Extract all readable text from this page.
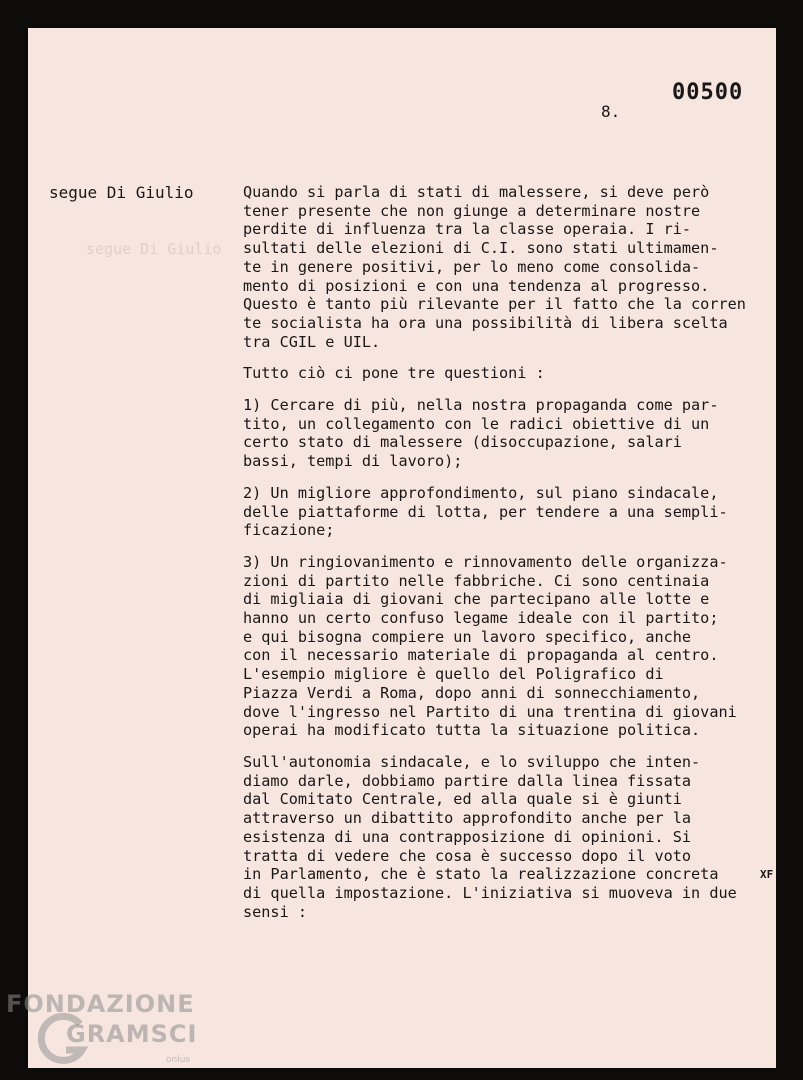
segue Di Giulio
00500
8.
segue Di Giulio	Quando si parla di stati di malessere, si deve però
tener presente che non giunge a determinare nostre
perdite di influenza tra la classe operaia. I ri-
sultati delle elezioni di C.I. sono stati ultimamen-
te in genere positivi, per lo meno come consolida-
mento di posizioni e con una tendenza al progresso.
Questo è tanto più rilevante per il fatto che la corren
te socialista ha ora una possibilità di libera scelta
tra CGIL e UIL.
Tutto ciò ci pone tre questioni :
1) Cercare di più, nella nostra propaganda come par-
tito, un collegamento con le radici obiettive di un
certo stato di malessere (disoccupazione, salari
bassi, tempi di lavoro);
2) Un migliore approfondimento, sul piano sindacale,
delle piattaforme di lotta, per tendere a una sempli-
ficazione;
3) Un ringiovanimento e rinnovamento delle organizza-
zioni di partito nelle fabbriche. Ci sono centinaia
di migliaia di giovani che partecipano alle lotte e
hanno un certo confuso legame ideale con il partito;
e qui bisogna compiere un lavoro specifico, anche
con il necessario materiale di propaganda al centro.
L'esempio migliore è quello del Poligrafico di
Piazza Verdi a Roma, dopo anni di sonnecchiamento,
dove l'ingresso nel Partito di una trentina di giovani
operai ha modificato tutta la situazione politica.
Sull'autonomia sindacale, e lo sviluppo che inten-
diamo darle, dobbiamo partire dalla linea fissata
dal Comitato Centrale, ed alla quale si è giunti
attraverso un dibattito approfondito anche per la
esistenza di una contrapposizione di opinioni. Si
tratta di vedere che cosa è successo dopo il voto
in Parlamento, che è stato la realizzazione concreta
di quella impostazione. L'iniziativa si muoveva in due
sensi :
XF
FONDAZIONE
GRAMSCI
onlus
